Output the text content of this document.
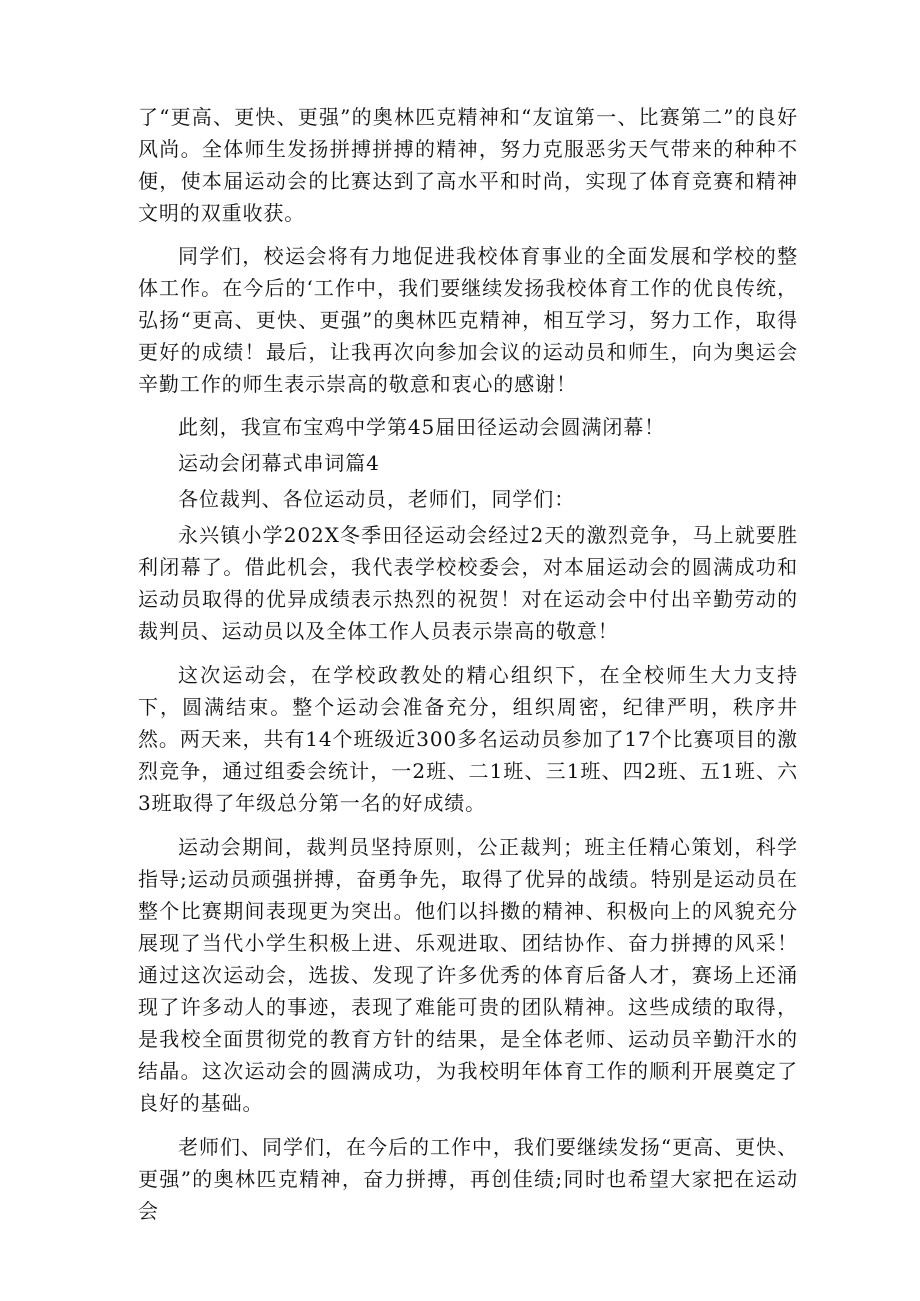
了“更高、更快、更强”的奥林匹克精神和“友谊第一、比赛第二”的良好风尚。全体师生发扬拼搏拼搏的精神，努力克服恶劣天气带来的种种不便，使本届运动会的比赛达到了高水平和时尚，实现了体育竞赛和精神文明的双重收获。

同学们，校运会将有力地促进我校体育事业的全面发展和学校的整体工作。在今后的‘工作中，我们要继续发扬我校体育工作的优良传统，弘扬“更高、更快、更强”的奥林匹克精神，相互学习，努力工作，取得更好的成绩！最后，让我再次向参加会议的运动员和师生，向为奥运会辛勤工作的师生表示崇高的敬意和衷心的感谢！

此刻，我宣布宝鸡中学第45届田径运动会圆满闭幕！

运动会闭幕式串词篇4

各位裁判、各位运动员，老师们，同学们：

永兴镇小学202X冬季田径运动会经过2天的激烈竞争，马上就要胜利闭幕了。借此机会，我代表学校校委会，对本届运动会的圆满成功和运动员取得的优异成绩表示热烈的祝贺！对在运动会中付出辛勤劳动的裁判员、运动员以及全体工作人员表示崇高的敬意！

这次运动会，在学校政教处的精心组织下，在全校师生大力支持下，圆满结束。整个运动会准备充分，组织周密，纪律严明，秩序井然。两天来，共有14个班级近300多名运动员参加了17个比赛项目的激烈竞争，通过组委会统计，一2班、二1班、三1班、四2班、五1班、六3班取得了年级总分第一名的好成绩。

运动会期间，裁判员坚持原则，公正裁判；班主任精心策划，科学指导;运动员顽强拼搏，奋勇争先，取得了优异的战绩。特别是运动员在整个比赛期间表现更为突出。他们以抖擞的精神、积极向上的风貌充分展现了当代小学生积极上进、乐观进取、团结协作、奋力拼搏的风采！通过这次运动会，选拔、发现了许多优秀的体育后备人才，赛场上还涌现了许多动人的事迹，表现了难能可贵的团队精神。这些成绩的取得，是我校全面贯彻党的教育方针的结果，是全体老师、运动员辛勤汗水的结晶。这次运动会的圆满成功，为我校明年体育工作的顺利开展奠定了良好的基础。

老师们、同学们，在今后的工作中，我们要继续发扬“更高、更快、更强”的奥林匹克精神，奋力拼搏，再创佳绩;同时也希望大家把在运动会
